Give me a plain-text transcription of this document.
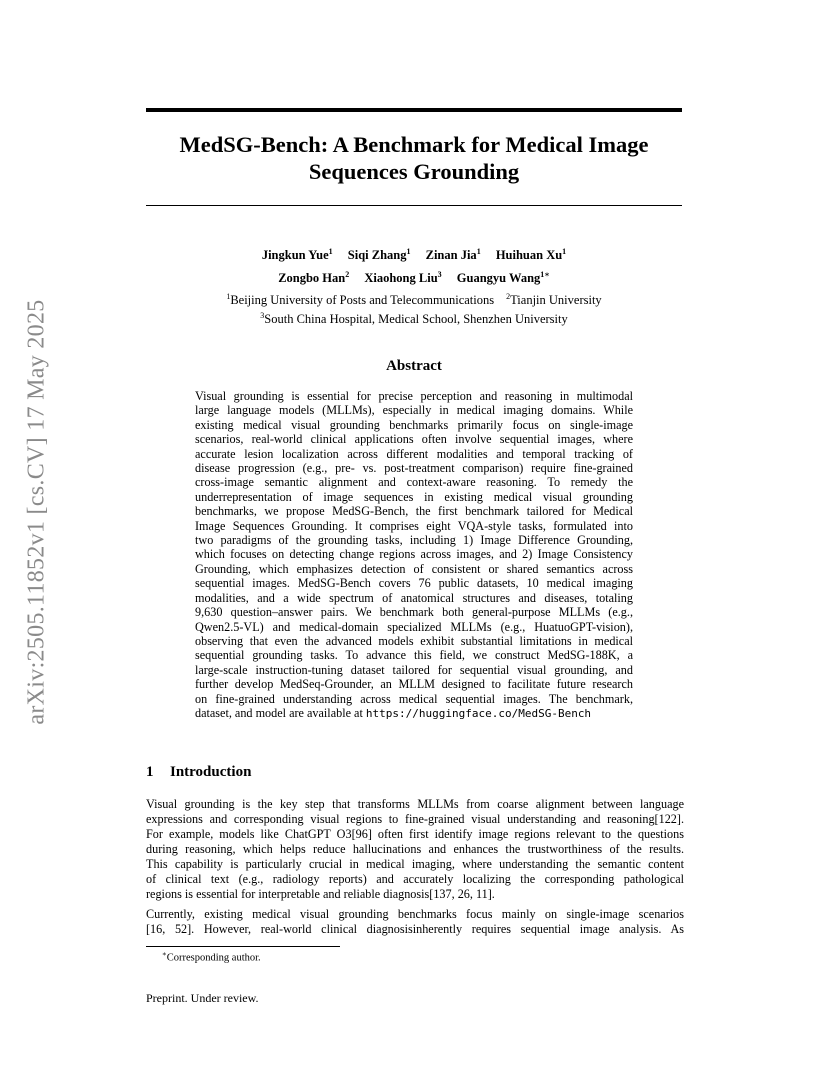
arXiv:2505.11852v1 [cs.CV] 17 May 2025
MedSG-Bench: A Benchmark for Medical Image
Sequences Grounding
Jingkun Yue$^1$ Siqi Zhang$^1$ Zinan Jia$^1$ Huihuan Xu$^1$
Zongbo Han$^2$ Xiaohong Liu$^3$ Guangyu Wang$^{1∗}$
$^1$Beijing University of Posts and Telecommunications $^2$Tianjin University
$^3$South China Hospital, Medical School, Shenzhen University
Abstract
Visual grounding is essential for precise perception and reasoning in multimodal
large language models (MLLMs), especially in medical imaging domains. While
existing medical visual grounding benchmarks primarily focus on single-image
scenarios, real-world clinical applications often involve sequential images, where
accurate lesion localization across different modalities and temporal tracking of
disease progression (e.g., pre- vs. post-treatment comparison) require fine-grained
cross-image semantic alignment and context-aware reasoning. To remedy the
underrepresentation of image sequences in existing medical visual grounding
benchmarks, we propose MedSG-Bench, the first benchmark tailored for Medical
Image Sequences Grounding. It comprises eight VQA-style tasks, formulated into
two paradigms of the grounding tasks, including 1) Image Difference Grounding,
which focuses on detecting change regions across images, and 2) Image Consistency
Grounding, which emphasizes detection of consistent or shared semantics across
sequential images. MedSG-Bench covers 76 public datasets, 10 medical imaging
modalities, and a wide spectrum of anatomical structures and diseases, totaling
9,630 question–answer pairs. We benchmark both general-purpose MLLMs (e.g.,
Qwen2.5-VL) and medical-domain specialized MLLMs (e.g., HuatuoGPT-vision),
observing that even the advanced models exhibit substantial limitations in medical
sequential grounding tasks. To advance this field, we construct MedSG-188K, a
large-scale instruction-tuning dataset tailored for sequential visual grounding, and
further develop MedSeq-Grounder, an MLLM designed to facilitate future research
on fine-grained understanding across medical sequential images. The benchmark,
dataset, and model are available at https://huggingface.co/MedSG-Bench
1 Introduction
Visual grounding is the key step that transforms MLLMs from coarse alignment between language
expressions and corresponding visual regions to fine-grained visual understanding and reasoning[122].
For example, models like ChatGPT O3[96] often first identify image regions relevant to the questions
during reasoning, which helps reduce hallucinations and enhances the trustworthiness of the results.
This capability is particularly crucial in medical imaging, where understanding the semantic content
of clinical text (e.g., radiology reports) and accurately localizing the corresponding pathological
regions is essential for interpretable and reliable diagnosis[137, 26, 11].
Currently, existing medical visual grounding benchmarks focus mainly on single-image scenarios
[16, 52]. However, real-world clinical diagnosisinherently requires sequential image analysis. As
∗Corresponding author.
Preprint. Under review.
